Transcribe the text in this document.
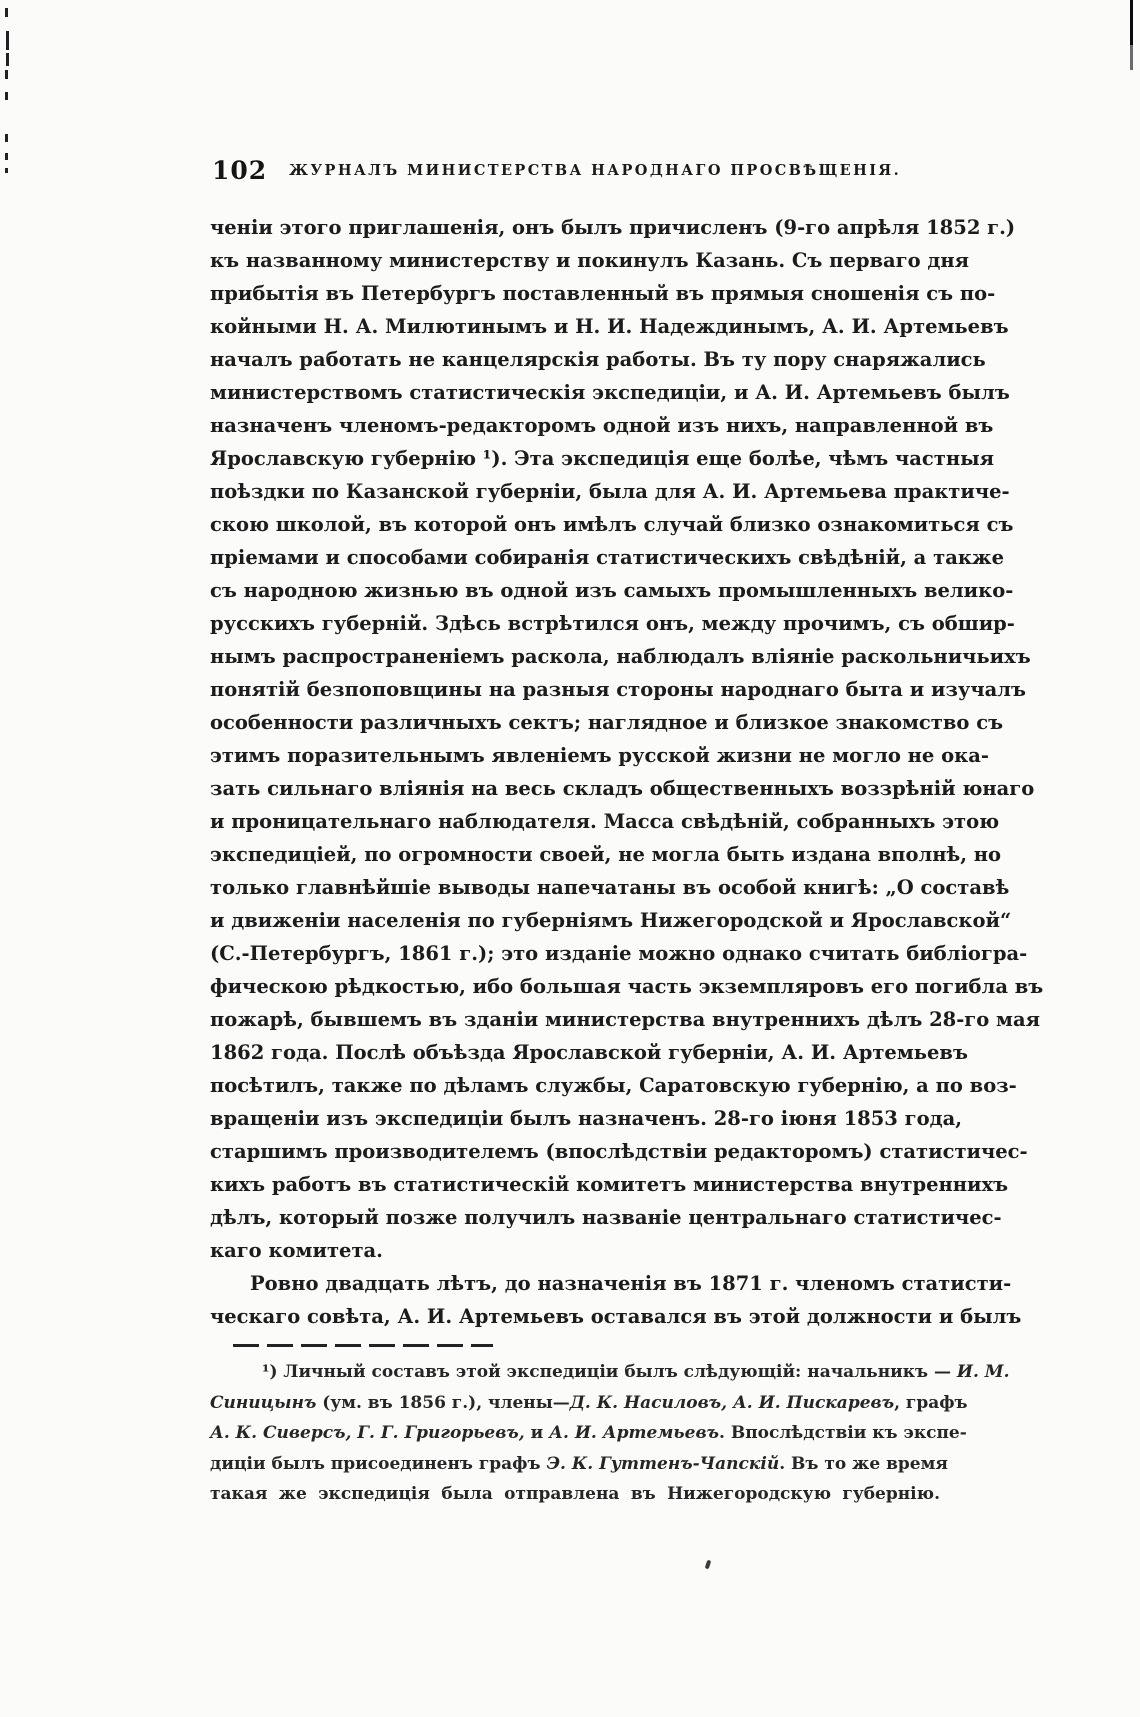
102	ЖУРНАЛЪ МИНИСТЕРСТВА НАРОДНАГО ПРОСВѢЩЕНІЯ.
ченіи этого приглашенія, онъ былъ причисленъ (9-го апрѣля 1852 г.)
къ названному министерству и покинулъ Казань. Съ перваго дня
прибытія въ Петербургъ поставленный въ прямыя сношенія съ по-
койными Н. А. Милютинымъ и Н. И. Надеждинымъ, А. И. Артемьевъ
началъ работать не канцелярскія работы. Въ ту пору снаряжались
министерствомъ статистическія экспедиціи, и А. И. Артемьевъ былъ
назначенъ членомъ-редакторомъ одной изъ нихъ, направленной въ
Ярославскую губернію ¹). Эта экспедиція еще болѣе, чѣмъ частныя
поѣздки по Казанской губерніи, была для А. И. Артемьева практиче-
скою школой, въ которой онъ имѣлъ случай близко ознакомиться съ
пріемами и способами собиранія статистическихъ свѣдѣній, а также
съ народною жизнью въ одной изъ самыхъ промышленныхъ велико-
русскихъ губерній. Здѣсь встрѣтился онъ, между прочимъ, съ обшир-
нымъ распространеніемъ раскола, наблюдалъ вліяніе раскольничьихъ
понятій безпоповщины на разныя стороны народнаго быта и изучалъ
особенности различныхъ сектъ; наглядное и близкое знакомство съ
этимъ поразительнымъ явленіемъ русской жизни не могло не ока-
зать сильнаго вліянія на весь складъ общественныхъ воззрѣній юнаго
и проницательнаго наблюдателя. Масса свѣдѣній, собранныхъ этою
экспедиціей, по огромности своей, не могла быть издана вполнѣ, но
только главнѣйшіе выводы напечатаны въ особой книгѣ: „О составѣ
и движеніи населенія по губерніямъ Нижегородской и Ярославской“
(С.-Петербургъ, 1861 г.); это изданіе можно однако считать библіогра-
фическою рѣдкостью, ибо большая часть экземпляровъ его погибла въ
пожарѣ, бывшемъ въ зданіи министерства внутреннихъ дѣлъ 28-го мая
1862 года. Послѣ объѣзда Ярославской губерніи, А. И. Артемьевъ
посѣтилъ, также по дѣламъ службы, Саратовскую губернію, а по воз-
вращеніи изъ экспедиціи былъ назначенъ. 28-го іюня 1853 года,
старшимъ производителемъ (впослѣдствіи редакторомъ) статистичес-
кихъ работъ въ статистическій комитетъ министерства внутреннихъ
дѣлъ, который позже получилъ названіе центральнаго статистичес-
каго комитета.
Ровно двадцать лѣтъ, до назначенія въ 1871 г. членомъ статисти-
ческаго совѣта, А. И. Артемьевъ оставался въ этой должности и былъ
¹) Личный составъ этой экспедиціи былъ слѣдующій: начальникъ — И. М.
Синицынъ (ум. въ 1856 г.), члены—Д. К. Насиловъ, А. И. Пискаревъ, графъ
А. К. Сиверсъ, Г. Г. Григорьевъ, и А. И. Артемьевъ. Впослѣдствіи къ экспе-
диціи былъ присоединенъ графъ Э. К. Гуттенъ-Чапскій. Въ то же время
такая же экспедиція была отправлена въ Нижегородскую губернію.
